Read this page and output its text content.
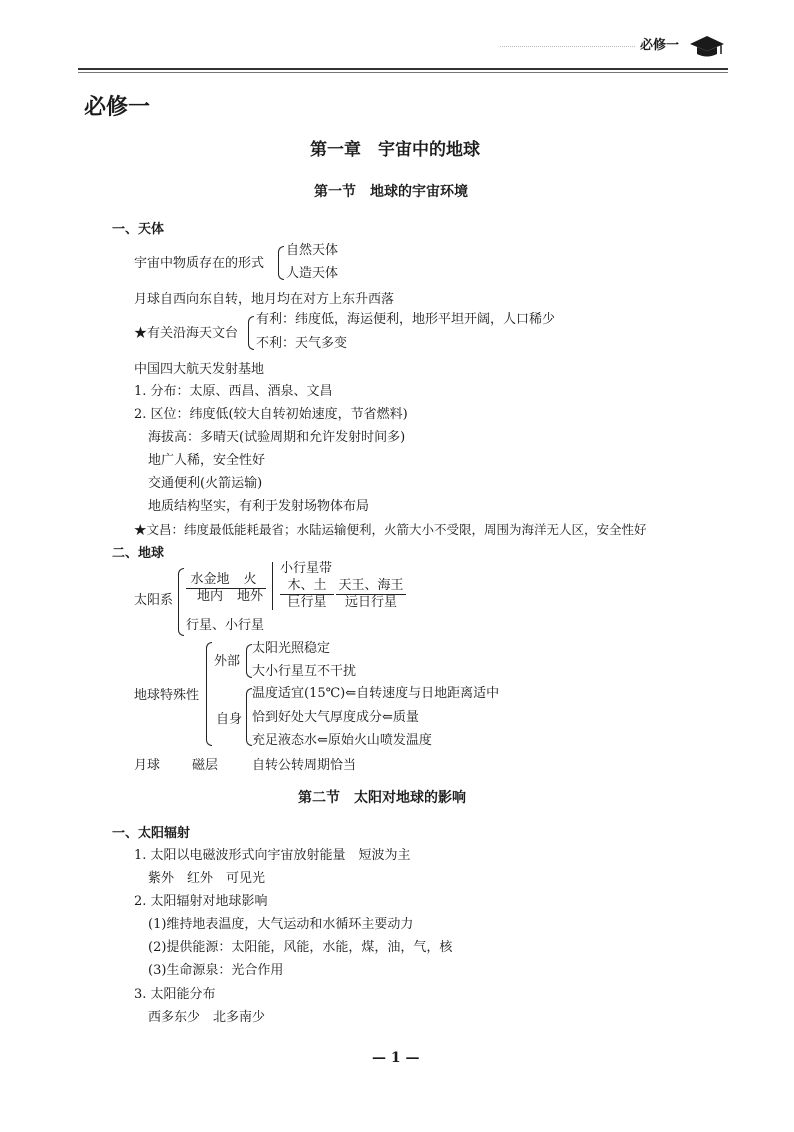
必修一
必修一
第一章　宇宙中的地球
第一节　地球的宇宙环境
一、天体
宇宙中物质存在的形式
自然天体
人造天体
月球自西向东自转，地月均在对方上东升西落
★有关沿海天文台
有利：纬度低，海运便利，地形平坦开阔，人口稀少
不利：天气多变
中国四大航天发射基地
1. 分布：太原、西昌、酒泉、文昌
2. 区位：纬度低(较大自转初始速度，节省燃料)
海拔高：多晴天(试验周期和允许发射时间多)
地广人稀，安全性好
交通便利(火箭运输)
地质结构坚实，有利于发射场物体布局
★文昌：纬度最低能耗最省；水陆运输便利，火箭大小不受限，周围为海洋无人区，安全性好
二、地球
太阳系
水金地
地内
火
地外
小行星带
木、土
巨行星
天王、海王
远日行星
行星、小行星
地球特殊性
外部
太阳光照稳定
大小行星互不干扰
自身
温度适宜(15℃)⇐自转速度与日地距离适中
恰到好处大气厚度成分⇐质量
充足液态水⇐原始火山喷发温度
月球 磁层	自转公转周期恰当
第二节　太阳对地球的影响
一、太阳辐射
1. 太阳以电磁波形式向宇宙放射能量　短波为主
紫外　红外　可见光
2. 太阳辐射对地球影响
(1)维持地表温度，大气运动和水循环主要动力
(2)提供能源：太阳能，风能，水能，煤，油，气，核
(3)生命源泉：光合作用
3. 太阳能分布
西多东少　北多南少
— 1 —
